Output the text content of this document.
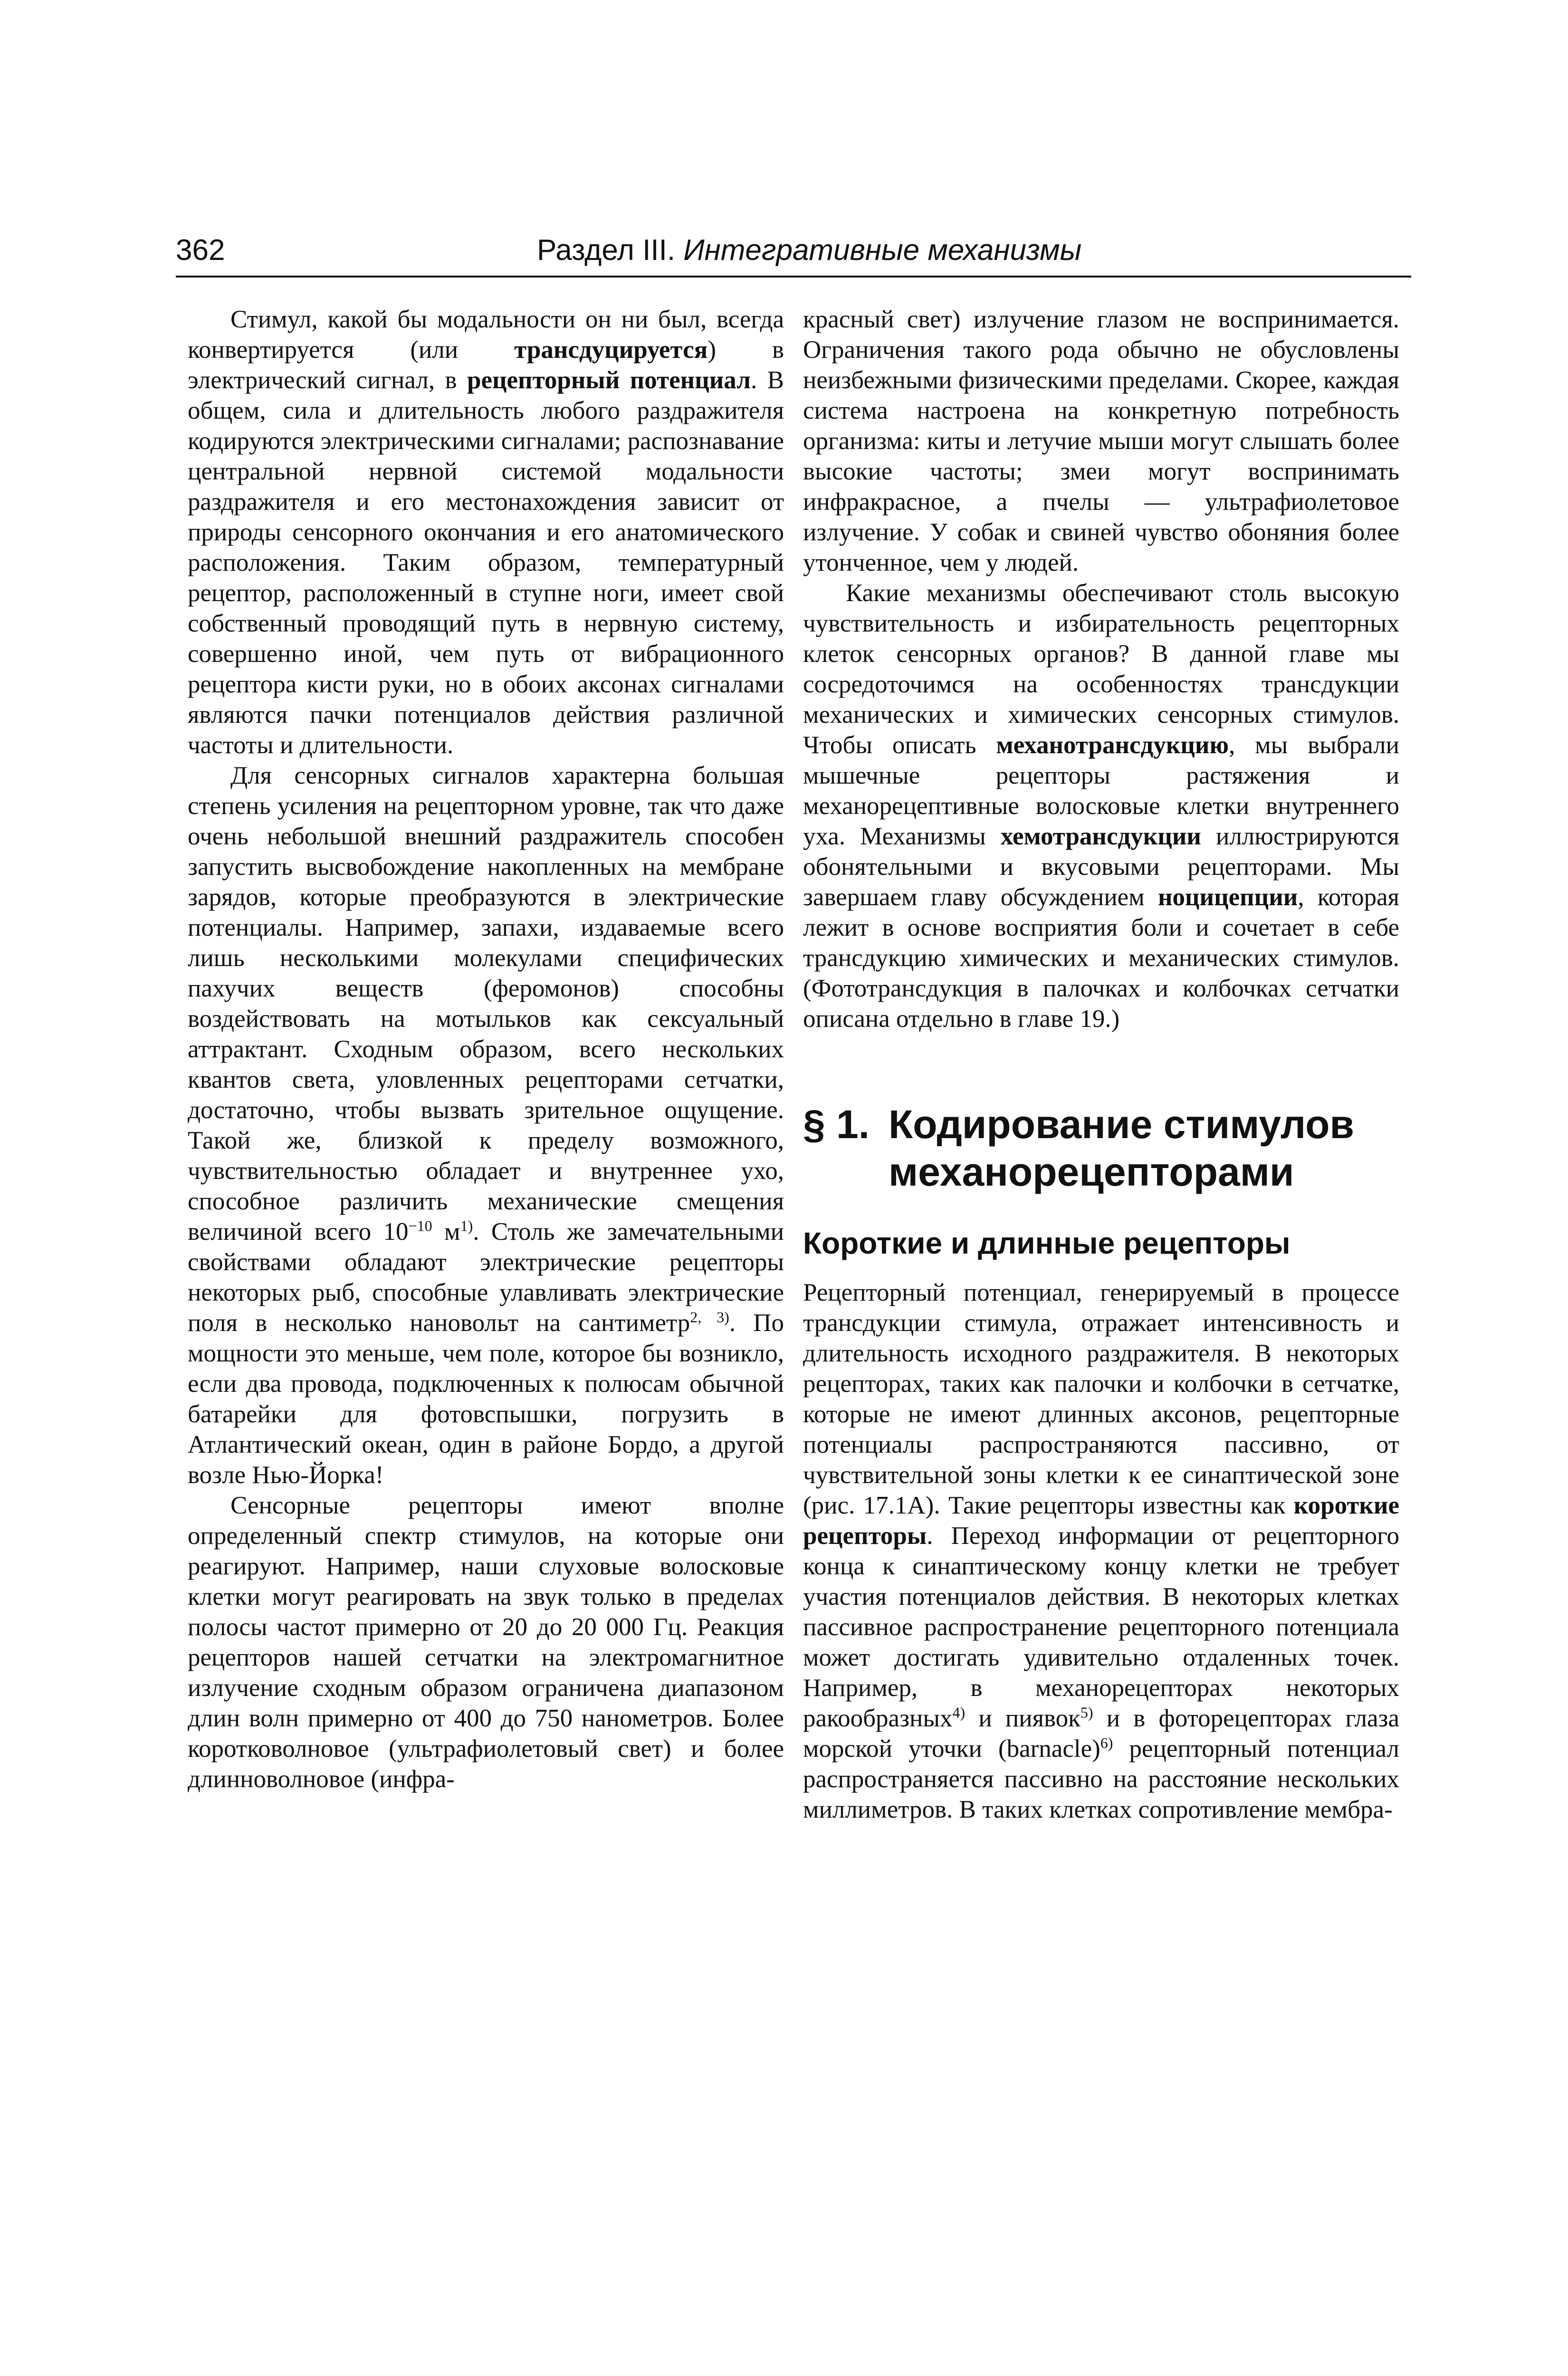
362	Раздел III. Интегративные механизмы

Стимул, какой бы модальности он ни был, всегда конвертируется (или трансдуцируется) в электрический сигнал, в рецепторный потенциал. В общем, сила и длительность любого раздражителя кодируются электрическими сигналами; распознавание центральной нервной системой модальности раздражителя и его местонахождения зависит от природы сенсорного окончания и его анатомического расположения. Таким образом, температурный рецептор, расположенный в ступне ноги, имеет свой собственный проводящий путь в нервную систему, совершенно иной, чем путь от вибрационного рецептора кисти руки, но в обоих аксонах сигналами являются пачки потенциалов действия различной частоты и длительности.

Для сенсорных сигналов характерна большая степень усиления на рецепторном уровне, так что даже очень небольшой внешний раздражитель способен запустить высвобождение накопленных на мембране зарядов, которые преобразуются в электрические потенциалы. Например, запахи, издаваемые всего лишь несколькими молекулами специфических пахучих веществ (феромонов) способны воздействовать на мотыльков как сексуальный аттрактант. Сходным образом, всего нескольких квантов света, уловленных рецепторами сетчатки, достаточно, чтобы вызвать зрительное ощущение. Такой же, близкой к пределу возможного, чувствительностью обладает и внутреннее ухо, способное различить механические смещения величиной всего $10^{-10}$ $м^{1)}$. Столь же замечательными свойствами обладают электрические рецепторы некоторых рыб, способные улавливать электрические поля в несколько нановольт на сантиметр$^{2, 3)}$. По мощности это меньше, чем поле, которое бы возникло, если два провода, подключенных к полюсам обычной батарейки для фотовспышки, погрузить в Атлантический океан, один в районе Бордо, а другой возле Нью-Йорка!

Сенсорные рецепторы имеют вполне определенный спектр стимулов, на которые они реагируют. Например, наши слуховые волосковые клетки могут реагировать на звук только в пределах полосы частот примерно от 20 до 20 000 Гц. Реакция рецепторов нашей сетчатки на электромагнитное излучение сходным образом ограничена диапазоном длин волн примерно от 400 до 750 нанометров. Более коротковолновое (ультрафиолетовый свет) и более длинноволновое (инфра-

красный свет) излучение глазом не воспринимается. Ограничения такого рода обычно не обусловлены неизбежными физическими пределами. Скорее, каждая система настроена на конкретную потребность организма: киты и летучие мыши могут слышать более высокие частоты; змеи могут воспринимать инфракрасное, а пчелы — ультрафиолетовое излучение. У собак и свиней чувство обоняния более утонченное, чем у людей.

Какие механизмы обеспечивают столь высокую чувствительность и избирательность рецепторных клеток сенсорных органов? В данной главе мы сосредоточимся на особенностях трансдукции механических и химических сенсорных стимулов. Чтобы описать механотрансдукцию, мы выбрали мышечные рецепторы растяжения и механорецептивные волосковые клетки внутреннего уха. Механизмы хемотрансдукции иллюстрируются обонятельными и вкусовыми рецепторами. Мы завершаем главу обсуждением ноцицепции, которая лежит в основе восприятия боли и сочетает в себе трансдукцию химических и механических стимулов. (Фототрансдукция в палочках и колбочках сетчатки описана отдельно в главе 19.)

§ 1. Кодирование стимулов механорецепторами
Короткие и длинные рецепторы

Рецепторный потенциал, генерируемый в процессе трансдукции стимула, отражает интенсивность и длительность исходного раздражителя. В некоторых рецепторах, таких как палочки и колбочки в сетчатке, которые не имеют длинных аксонов, рецепторные потенциалы распространяются пассивно, от чувствительной зоны клетки к ее синаптической зоне (рис. 17.1А). Такие рецепторы известны как короткие рецепторы. Переход информации от рецепторного конца к синаптическому концу клетки не требует участия потенциалов действия. В некоторых клетках пассивное распространение рецепторного потенциала может достигать удивительно отдаленных точек. Например, в механорецепторах некоторых ракообразных$^{4)}$ и пиявок$^{5)}$ и в фоторецепторах глаза морской уточки (barnacle)$^{6)}$ рецепторный потенциал распространяется пассивно на расстояние нескольких миллиметров. В таких клетках сопротивление мембра-
